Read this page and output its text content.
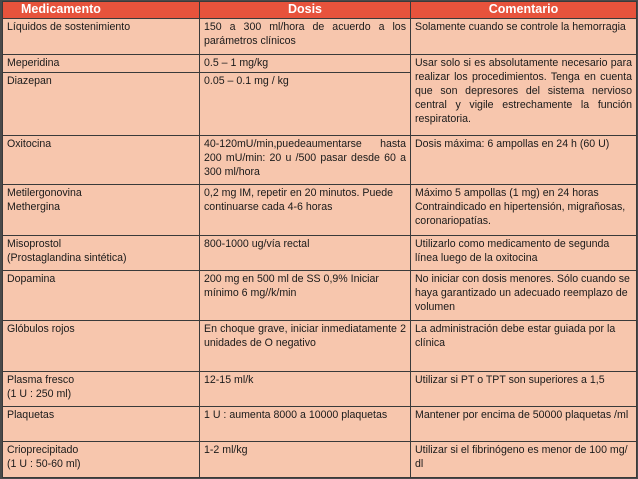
Medicamento	Dosis	Comentario

Líquidos de sostenimiento	150 a 300 ml/hora de acuerdo a los parámetros clínicos	Solamente cuando se controle la hemorragia

Meperidina	0.5 – 1 mg/kg	Usar solo si es absolutamente necesario para realizar los procedimientos. Tenga en cuenta que son depresores del sistema nervioso central y vigile estrechamente la función respiratoria.

Diazepan	0.05 – 0.1 mg / kg	

Oxitocina	40-120mU/min,puedeaumentarse hasta 200 mU/min: 20 u /500 pasar desde 60 a 300 ml/hora	Dosis máxima: 6 ampollas en 24 h (60 U)

Metilergonovina
Methergina	0,2 mg IM, repetir en 20 minutos. Puede continuarse cada 4-6 horas	Máximo 5 ampollas (1 mg) en 24 horas Contraindicado en hipertensión, migrañosas, coronariopatías.

Misoprostol
(Prostaglandina sintética)	800-1000 ug/vía rectal	Utilizarlo como medicamento de segunda línea luego de la oxitocina

Dopamina	200 mg en 500 ml de SS 0,9% Iniciar mínimo 6 mg//k/min	No iniciar con dosis menores. Sólo cuando se haya garantizado un adecuado reemplazo de volumen

Glóbulos rojos	En choque grave, iniciar inmediatamente 2 unidades de O negativo	La administración debe estar guiada por la clínica

Plasma fresco
(1 U : 250 ml)	12-15 ml/k	Utilizar si PT o TPT son superiores a 1,5

Plaquetas	1 U : aumenta 8000 a 10000 plaquetas	Mantener por encima de 50000 plaquetas /ml

Crioprecipitado
(1 U : 50-60 ml)	1-2 ml/kg	Utilizar si el fibrinógeno es menor de 100 mg/ dl
